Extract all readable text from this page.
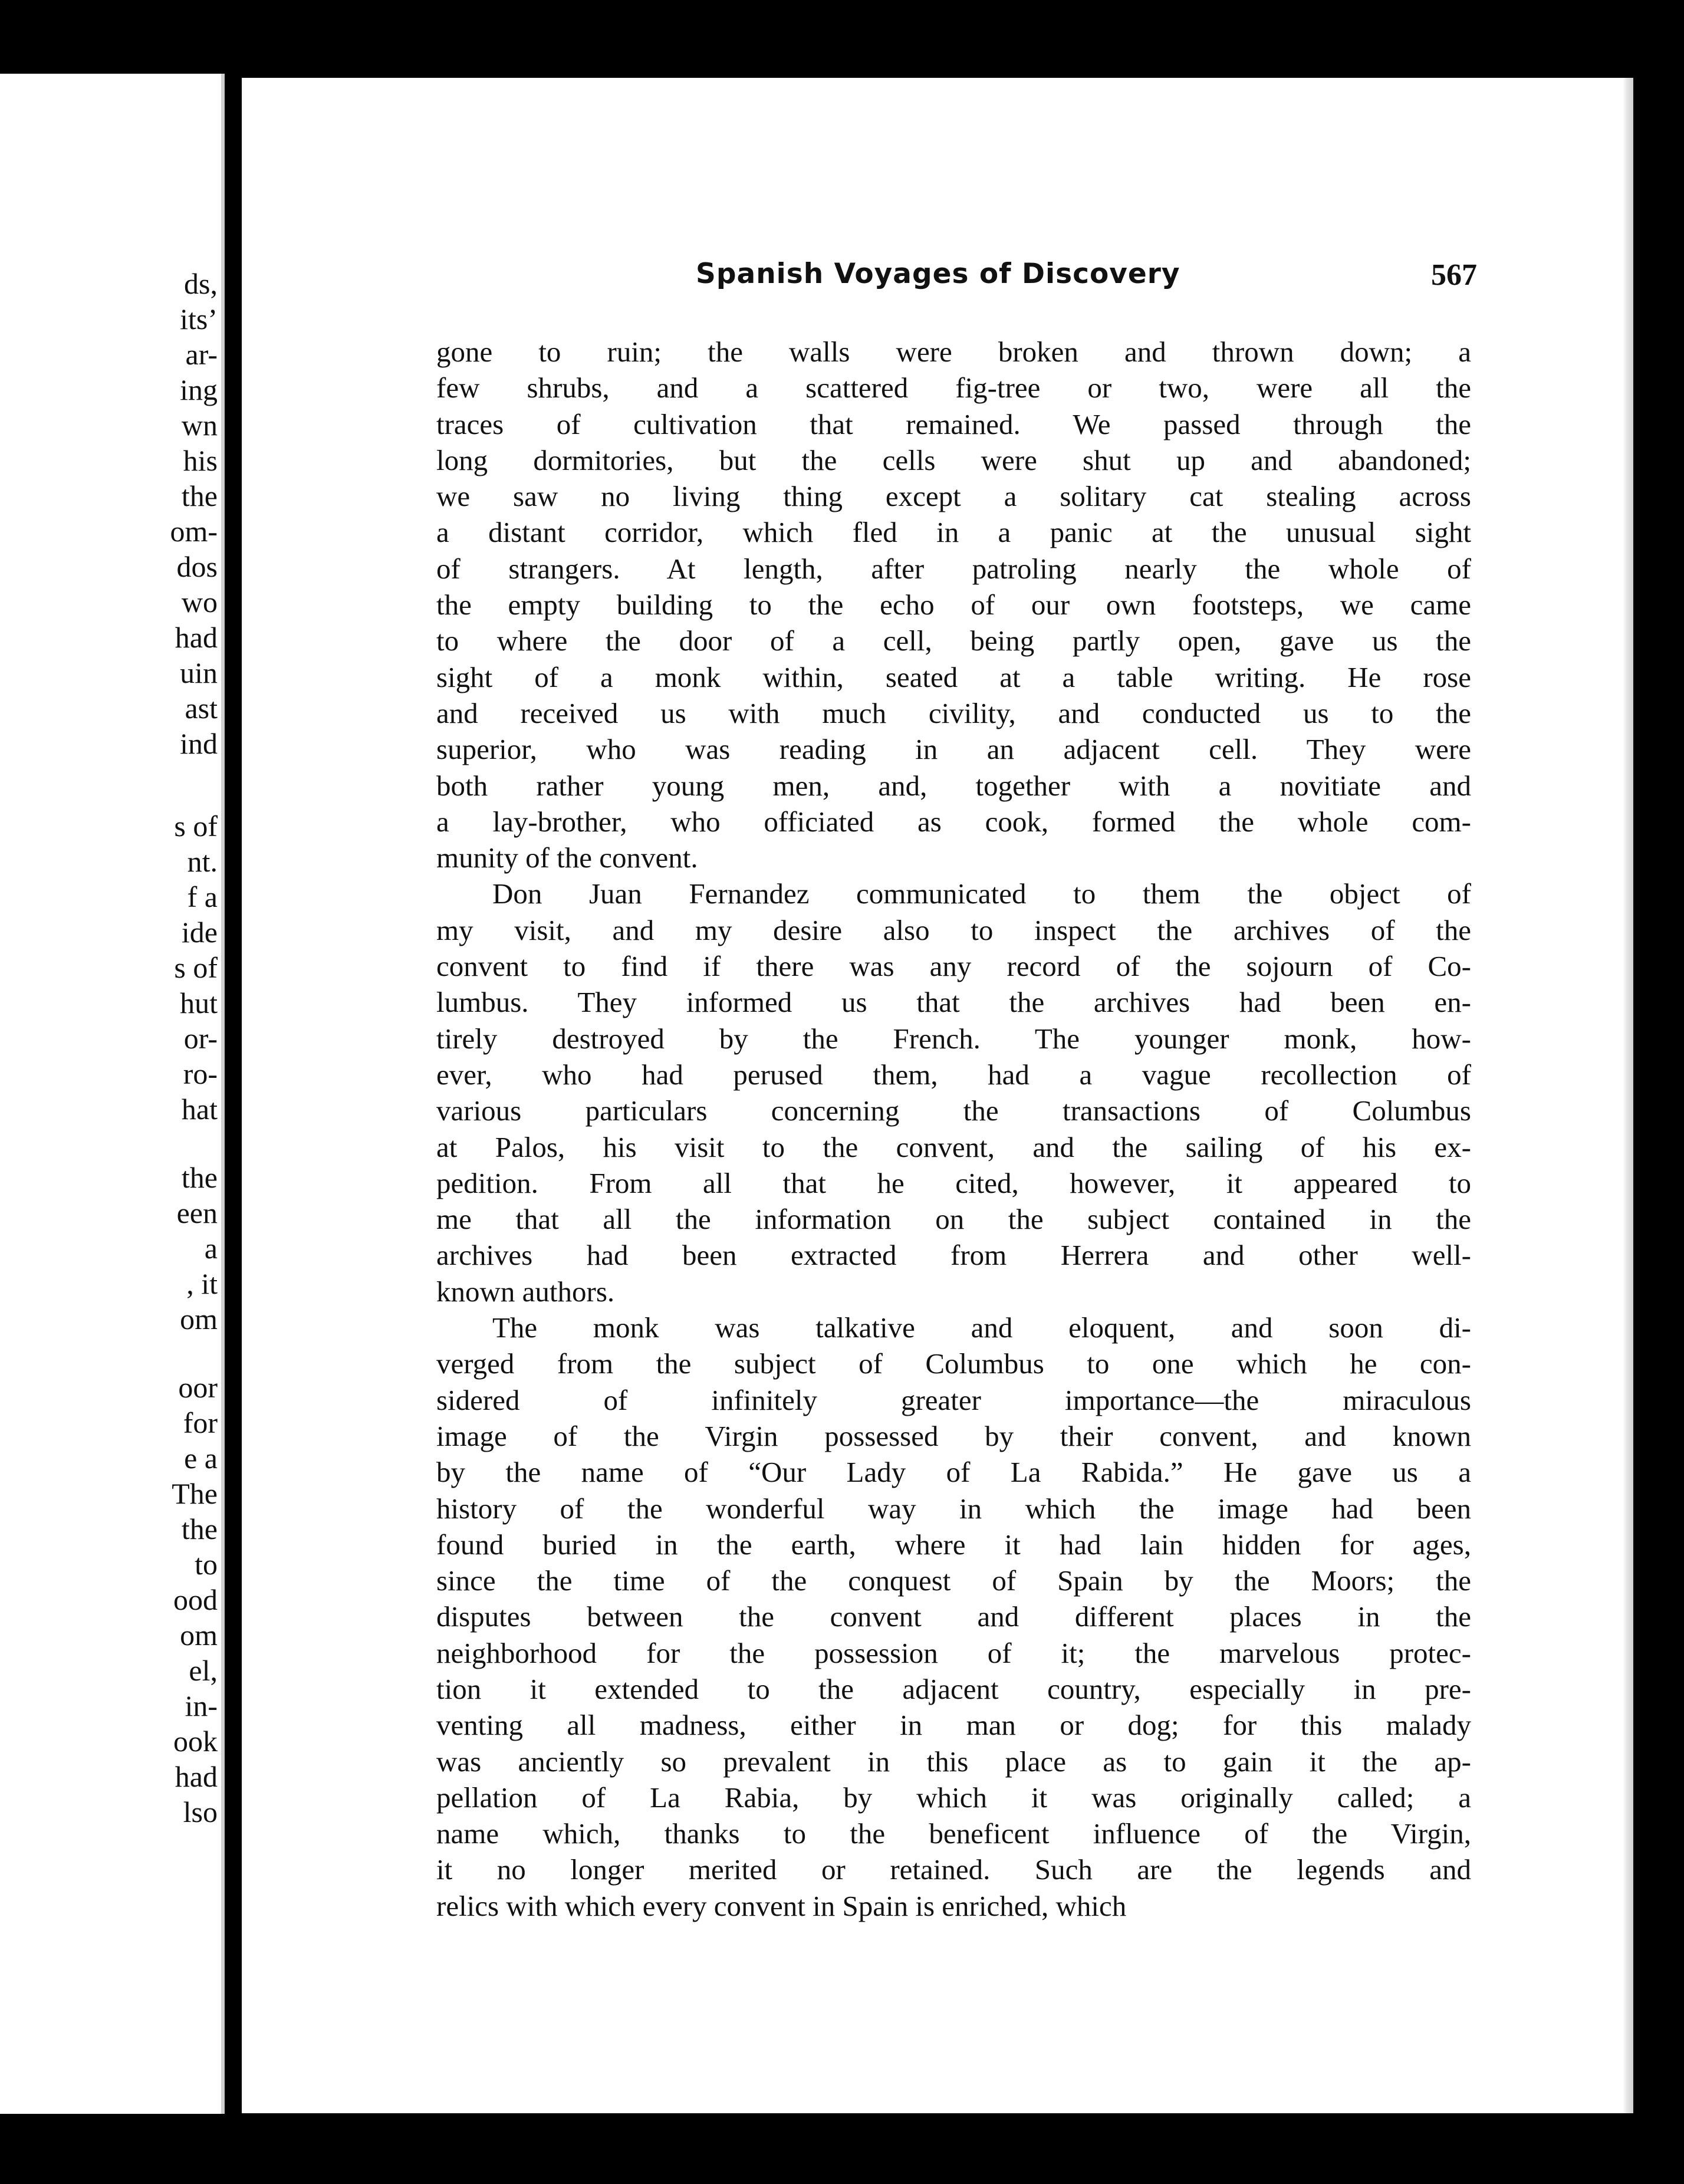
ds,
its’
ar-
ing
wn
his
the
om-
dos
wo
had
uin
ast
ind
s of
nt.
f a
ide
s of
hut
or-
ro-
hat
the
een
a
, it
om
oor
for
e a
The
the
to
ood
om
el,
in-
ook
had
lso
Spanish Voyages of Discovery	567
gone to ruin; the walls were broken and thrown down; a
few shrubs, and a scattered fig-tree or two, were all the
traces of cultivation that remained. We passed through the
long dormitories, but the cells were shut up and abandoned;
we saw no living thing except a solitary cat stealing across
a distant corridor, which fled in a panic at the unusual sight
of strangers. At length, after patroling nearly the whole of
the empty building to the echo of our own footsteps, we came
to where the door of a cell, being partly open, gave us the
sight of a monk within, seated at a table writing. He rose
and received us with much civility, and conducted us to the
superior, who was reading in an adjacent cell. They were
both rather young men, and, together with a novitiate and
a lay-brother, who officiated as cook, formed the whole com-
munity of the convent.
Don Juan Fernandez communicated to them the object of
my visit, and my desire also to inspect the archives of the
convent to find if there was any record of the sojourn of Co-
lumbus. They informed us that the archives had been en-
tirely destroyed by the French. The younger monk, how-
ever, who had perused them, had a vague recollection of
various particulars concerning the transactions of Columbus
at Palos, his visit to the convent, and the sailing of his ex-
pedition. From all that he cited, however, it appeared to
me that all the information on the subject contained in the
archives had been extracted from Herrera and other well-
known authors.
The monk was talkative and eloquent, and soon di-
verged from the subject of Columbus to one which he con-
sidered of infinitely greater importance—the miraculous
image of the Virgin possessed by their convent, and known
by the name of “Our Lady of La Rabida.” He gave us a
history of the wonderful way in which the image had been
found buried in the earth, where it had lain hidden for ages,
since the time of the conquest of Spain by the Moors; the
disputes between the convent and different places in the
neighborhood for the possession of it; the marvelous protec-
tion it extended to the adjacent country, especially in pre-
venting all madness, either in man or dog; for this malady
was anciently so prevalent in this place as to gain it the ap-
pellation of La Rabia, by which it was originally called; a
name which, thanks to the beneficent influence of the Virgin,
it no longer merited or retained. Such are the legends and
relics with which every convent in Spain is enriched, which
